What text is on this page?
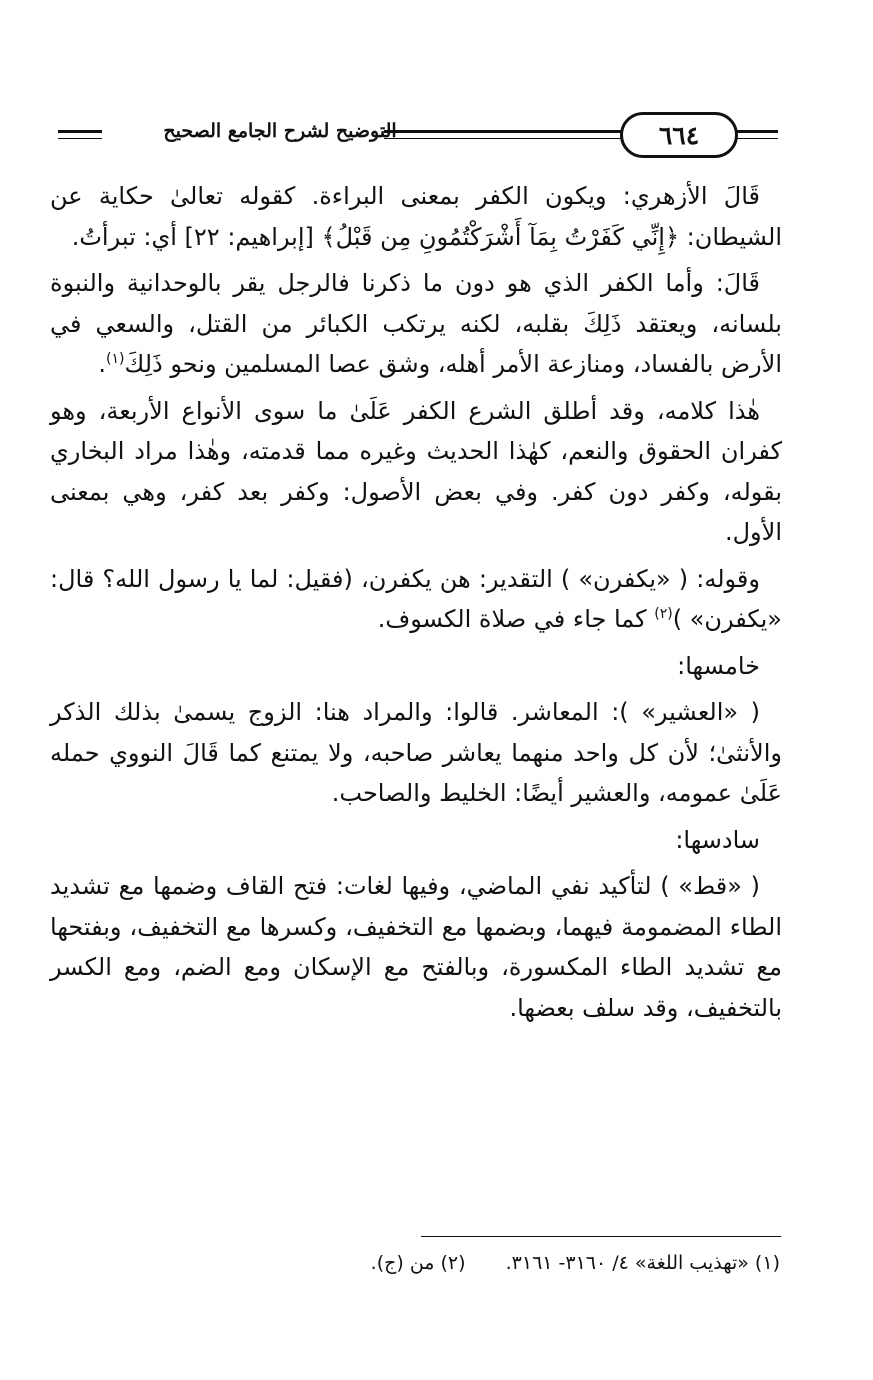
التوضيح لشرح الجامع الصحيح	٦٦٤

قَالَ الأزهري: ويكون الكفر بمعنى البراءة. كقوله تعالىٰ حكاية عن الشيطان: ﴿إِنِّي كَفَرْتُ بِمَآ أَشْرَكْتُمُونِ مِن قَبْلُ﴾ [إبراهيم: ٢٢] أي: تبرأتُ.

قَالَ: وأما الكفر الذي هو دون ما ذكرنا فالرجل يقر بالوحدانية والنبوة بلسانه، ويعتقد ذَلِكَ بقلبه، لكنه يرتكب الكبائر من القتل، والسعي في الأرض بالفساد، ومنازعة الأمر أهله، وشق عصا المسلمين ونحو ذَلِكَ$^{(١)}$.

هٰذا كلامه، وقد أطلق الشرع الكفر عَلَىٰ ما سوى الأنواع الأربعة، وهو كفران الحقوق والنعم، كهٰذا الحديث وغيره مما قدمته، وهٰذا مراد البخاري بقوله، وكفر دون كفر. وفي بعض الأصول: وكفر بعد كفر، وهي بمعنى الأول.

وقوله: ( «يكفرن» ) التقدير: هن يكفرن، (فقيل: لما يا رسول الله؟ قال: «يكفرن» )$^{(٢)}$ كما جاء في صلاة الكسوف.

خامسها:

( «العشير» ): المعاشر. قالوا: والمراد هنا: الزوج يسمىٰ بذلك الذكر والأنثىٰ؛ لأن كل واحد منهما يعاشر صاحبه، ولا يمتنع كما قَالَ النووي حمله عَلَىٰ عمومه، والعشير أيضًا: الخليط والصاحب.

سادسها:

( «قط» ) لتأكيد نفي الماضي، وفيها لغات: فتح القاف وضمها مع تشديد الطاء المضمومة فيهما، وبضمها مع التخفيف، وكسرها مع التخفيف، وبفتحها مع تشديد الطاء المكسورة، وبالفتح مع الإسكان ومع الضم، ومع الكسر بالتخفيف، وقد سلف بعضها.

(١) «تهذيب اللغة» ٤/ ٣١٦٠- ٣١٦١. (٢) من (ج).
